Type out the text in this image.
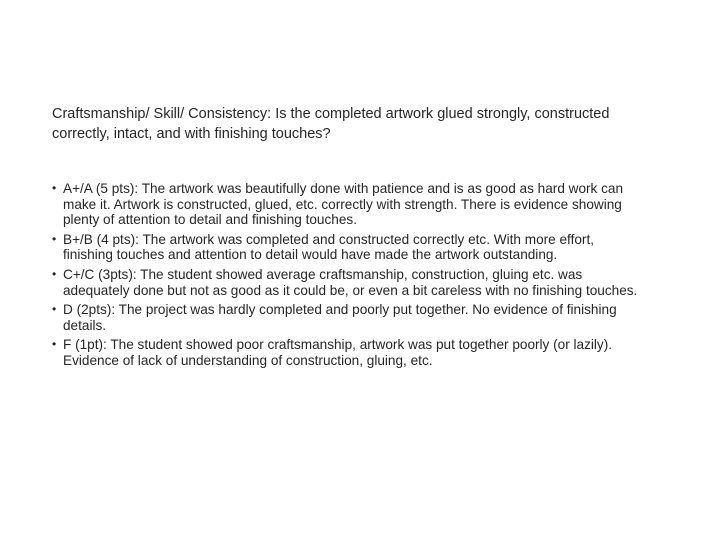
Craftsmanship/ Skill/ Consistency: Is the completed artwork glued strongly, constructed correctly, intact, and with finishing touches?
• A+/A (5 pts): The artwork was beautifully done with patience and is as good as hard work can make it. Artwork is constructed, glued, etc. correctly with strength. There is evidence showing plenty of attention to detail and finishing touches.
• B+/B (4 pts): The artwork was completed and constructed correctly etc. With more effort, finishing touches and attention to detail would have made the artwork outstanding.
• C+/C (3pts): The student showed average craftsmanship, construction, gluing etc. was adequately done but not as good as it could be, or even a bit careless with no finishing touches.
• D (2pts): The project was hardly completed and poorly put together. No evidence of finishing details.
• F (1pt): The student showed poor craftsmanship, artwork was put together poorly (or lazily). Evidence of lack of understanding of construction, gluing, etc.
